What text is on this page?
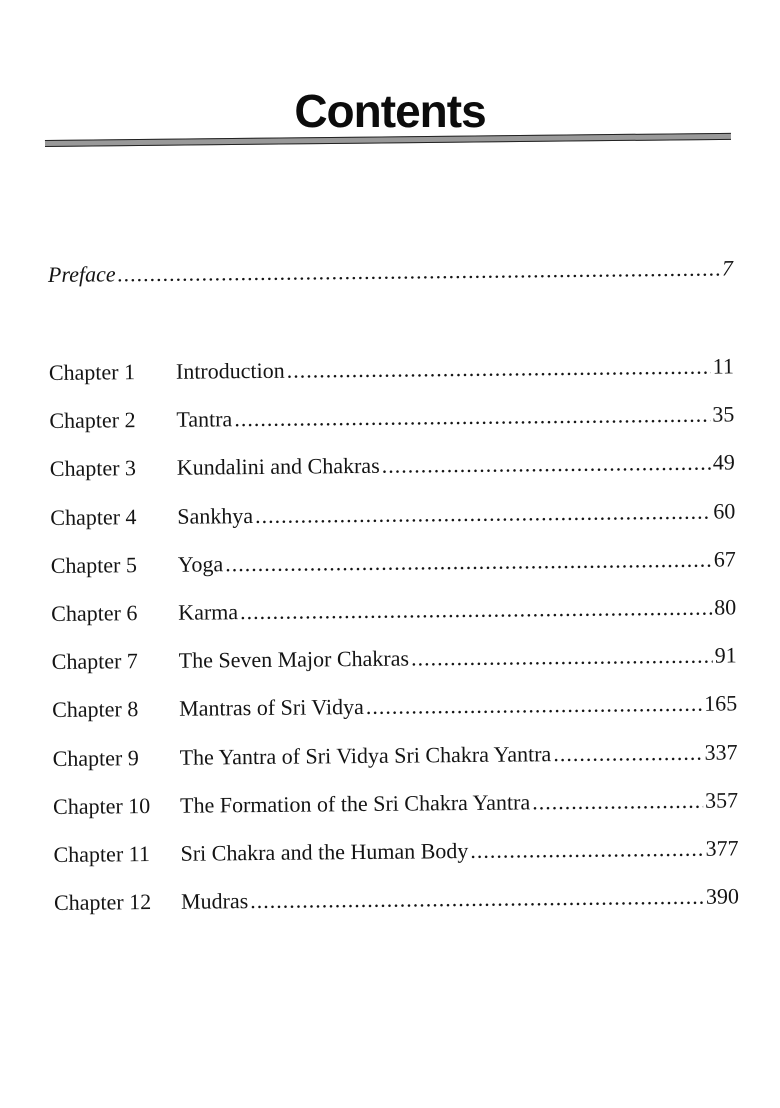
Contents
Preface .....	7
Chapter 1	Introduction .....	11
Chapter 2	Tantra .....	35
Chapter 3	Kundalini and Chakras .....	49
Chapter 4	Sankhya .....	60
Chapter 5	Yoga .....	67
Chapter 6	Karma .....	80
Chapter 7	The Seven Major Chakras .....	91
Chapter 8	Mantras of Sri Vidya .....	165
Chapter 9	The Yantra of Sri Vidya Sri Chakra Yantra .....	337
Chapter 10	The Formation of the Sri Chakra Yantra .....	357
Chapter 11	Sri Chakra and the Human Body .....	377
Chapter 12	Mudras .....	390
